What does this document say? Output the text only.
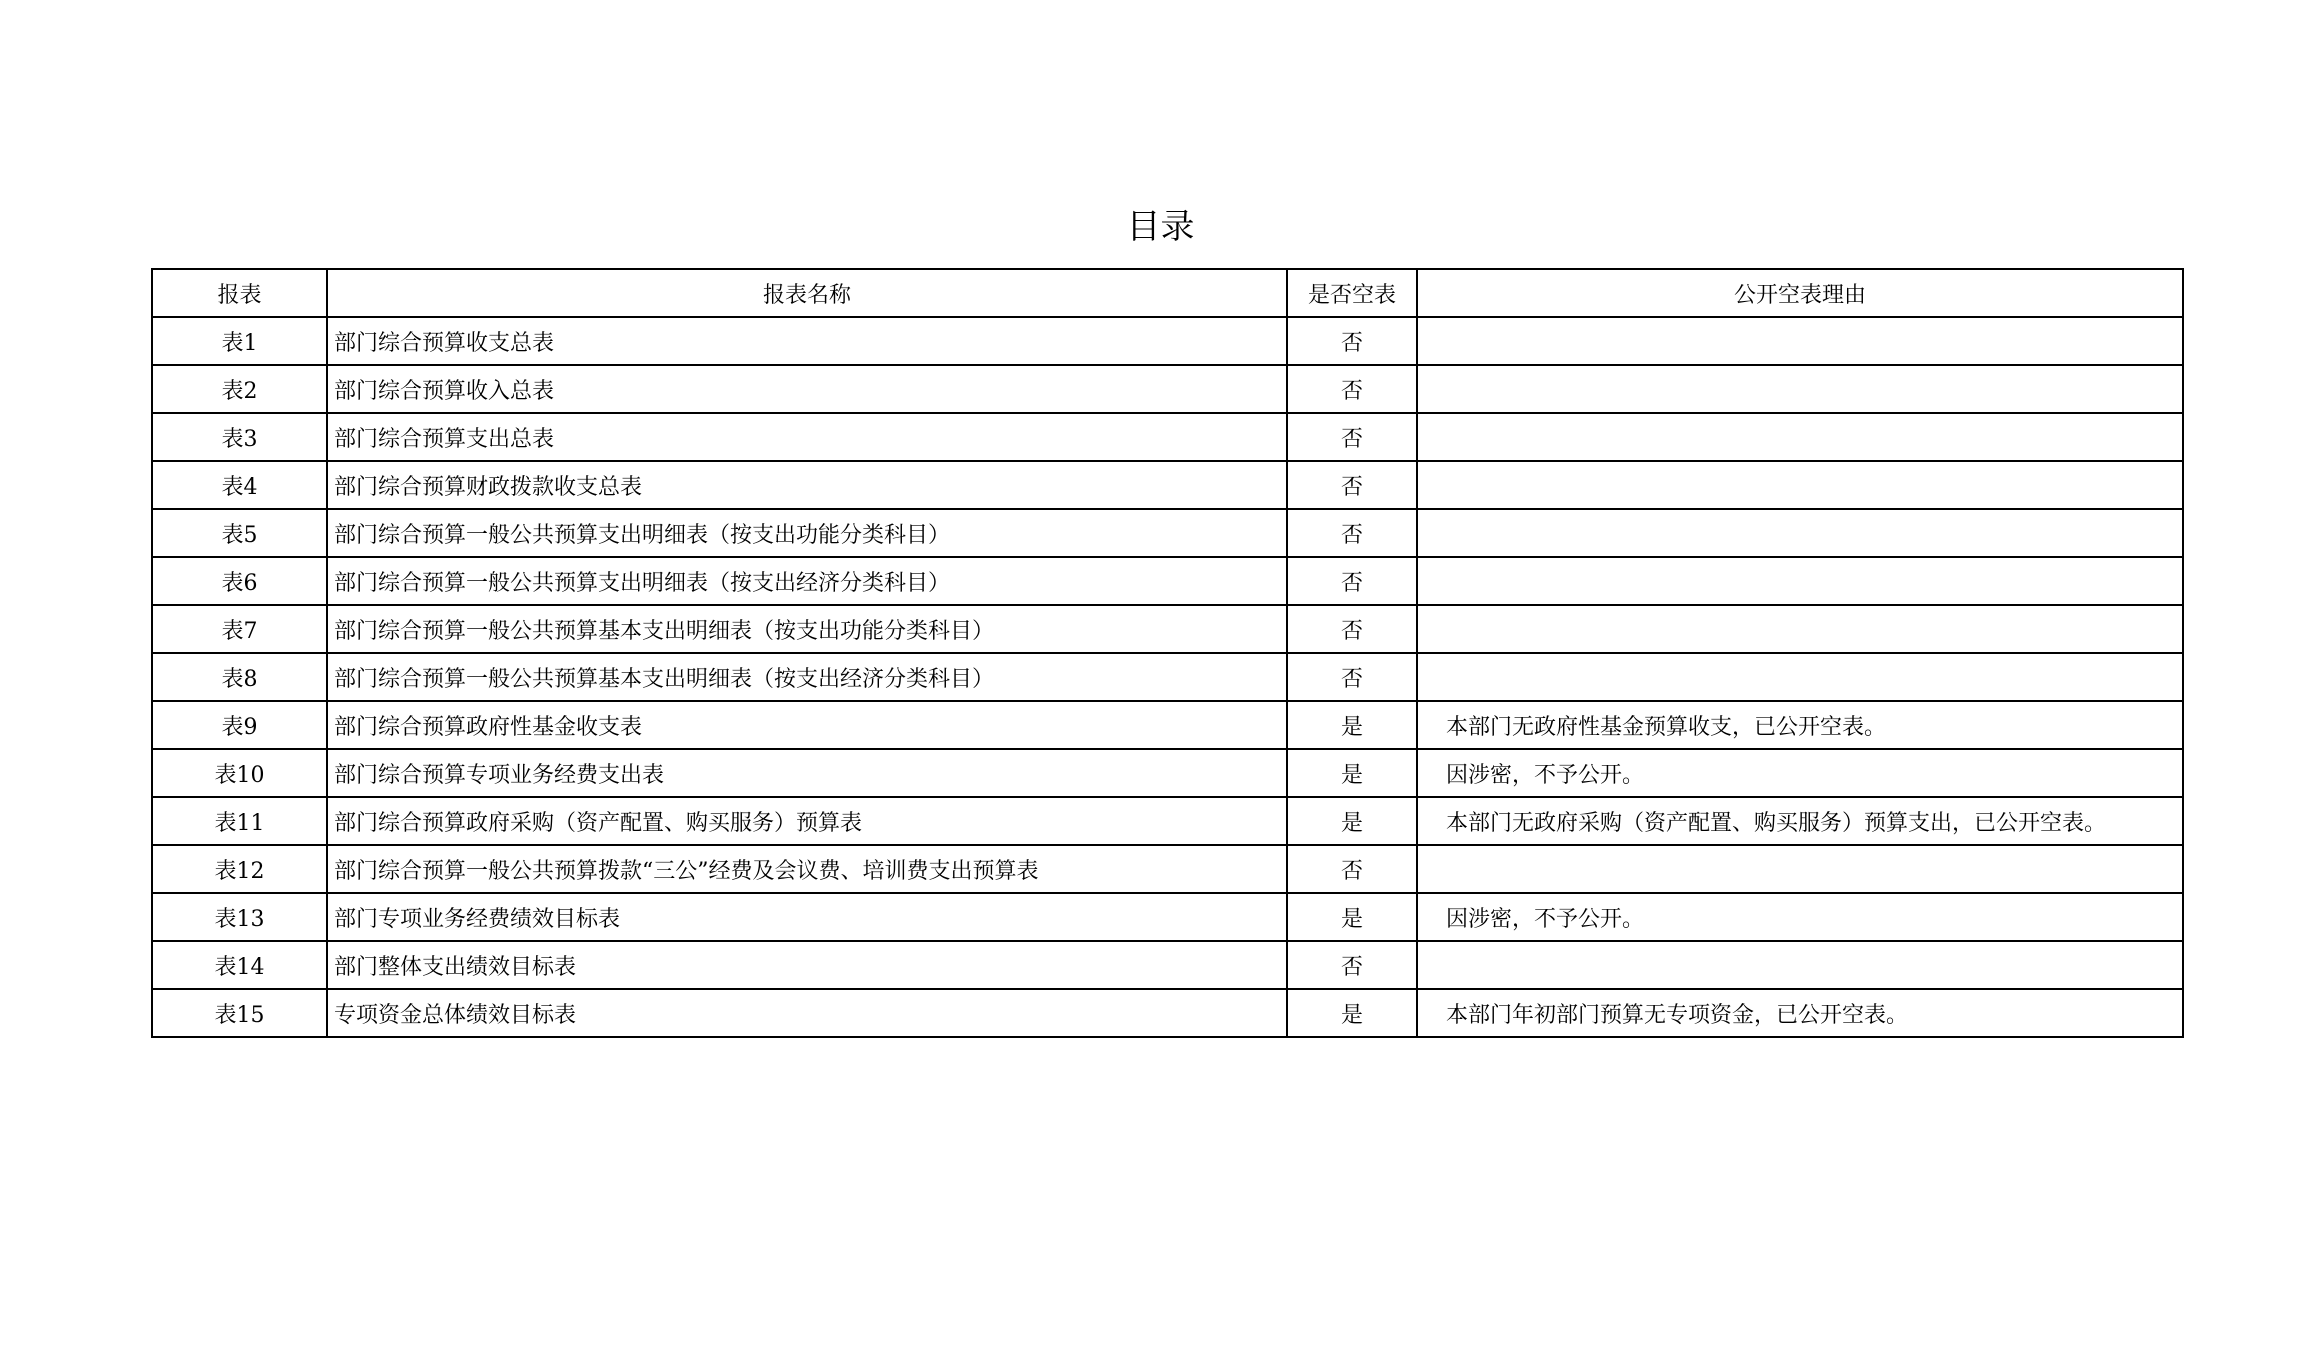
目录
报表	报表名称	是否空表	公开空表理由
表1	部门综合预算收支总表	否	
表2	部门综合预算收入总表	否	
表3	部门综合预算支出总表	否	
表4	部门综合预算财政拨款收支总表	否	
表5	部门综合预算一般公共预算支出明细表（按支出功能分类科目）	否	
表6	部门综合预算一般公共预算支出明细表（按支出经济分类科目）	否	
表7	部门综合预算一般公共预算基本支出明细表（按支出功能分类科目）	否	
表8	部门综合预算一般公共预算基本支出明细表（按支出经济分类科目）	否	
表9	部门综合预算政府性基金收支表	是	本部门无政府性基金预算收支，已公开空表。
表10	部门综合预算专项业务经费支出表	是	因涉密，不予公开。
表11	部门综合预算政府采购（资产配置、购买服务）预算表	是	本部门无政府采购（资产配置、购买服务）预算支出，已公开空表。
表12	部门综合预算一般公共预算拨款“三公”经费及会议费、培训费支出预算表	否	
表13	部门专项业务经费绩效目标表	是	因涉密，不予公开。
表14	部门整体支出绩效目标表	否	
表15	专项资金总体绩效目标表	是	本部门年初部门预算无专项资金，已公开空表。
